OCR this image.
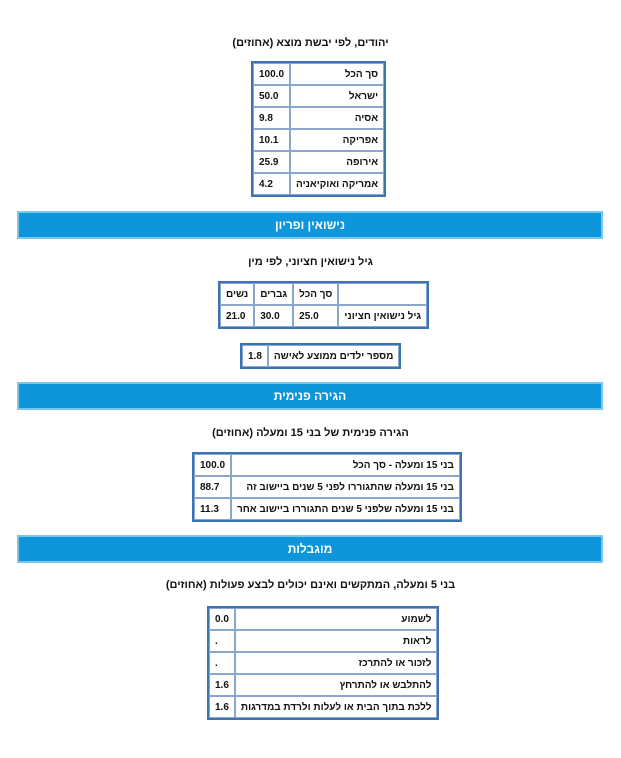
יהודים, לפי יבשת מוצא (אחוזים)
סך הכל	100.0
ישראל	50.0
אסיה	9.8
אפריקה	10.1
אירופה	25.9
אמריקה ואוקיאניה	4.2
נישואין ופריון
גיל נישואין חציוני, לפי מין
	סך הכל	גברים	נשים
גיל נישואין חציוני	25.0	30.0	21.0
מספר ילדים ממוצע לאישה	1.8
הגירה פנימית
הגירה פנימית של בני 15 ומעלה (אחוזים)
בני 15 ומעלה - סך הכל	100.0
בני 15 ומעלה שהתגוררו לפני 5 שנים ביישוב זה	88.7
בני 15 ומעלה שלפני 5 שנים התגוררו ביישוב אחר	11.3
מוגבלות
בני 5 ומעלה, המתקשים ואינם יכולים לבצע פעולות (אחוזים)
לשמוע	0.0
לראות	.
לזכור או להתרכז	.
להתלבש או להתרחץ	1.6
ללכת בתוך הבית או לעלות ולרדת במדרגות	1.6
